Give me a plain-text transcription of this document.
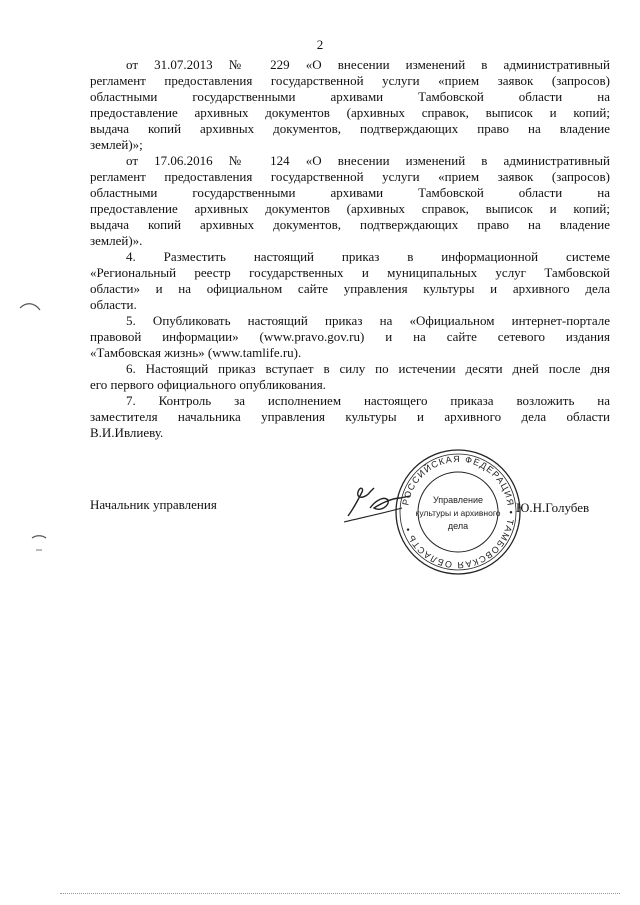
2
от 31.07.2013 № 229 «О внесении изменений в административный
регламент предоставления государственной услуги «прием заявок (запросов)
областными государственными архивами Тамбовской области на
предоставление архивных документов (архивных справок, выписок и копий;
выдача копий архивных документов, подтверждающих право на владение
землей)»;
от 17.06.2016 № 124 «О внесении изменений в административный
регламент предоставления государственной услуги «прием заявок (запросов)
областными государственными архивами Тамбовской области на
предоставление архивных документов (архивных справок, выписок и копий;
выдача копий архивных документов, подтверждающих право на владение
землей)».
4. Разместить настоящий приказ в информационной системе
«Региональный реестр государственных и муниципальных услуг Тамбовской
области» и на официальном сайте управления культуры и архивного дела
области.
5. Опубликовать настоящий приказ на «Официальном интернет-портале
правовой информации» (www.pravo.gov.ru) и на сайте сетевого издания
«Тамбовская жизнь» (www.tamlife.ru).
6. Настоящий приказ вступает в силу по истечении десяти дней после дня
его первого официального опубликования.
7. Контроль за исполнением настоящего приказа возложить на
заместителя начальника управления культуры и архивного дела области
В.И.Ивлиеву.
Начальник управления	РОССИЙСКАЯ ФЕДЕРАЦИЯ • ТАМБОВСКАЯ ОБЛАСТЬ •
Управление
культуры и архивного
дела
Ю.Н.Голубев
